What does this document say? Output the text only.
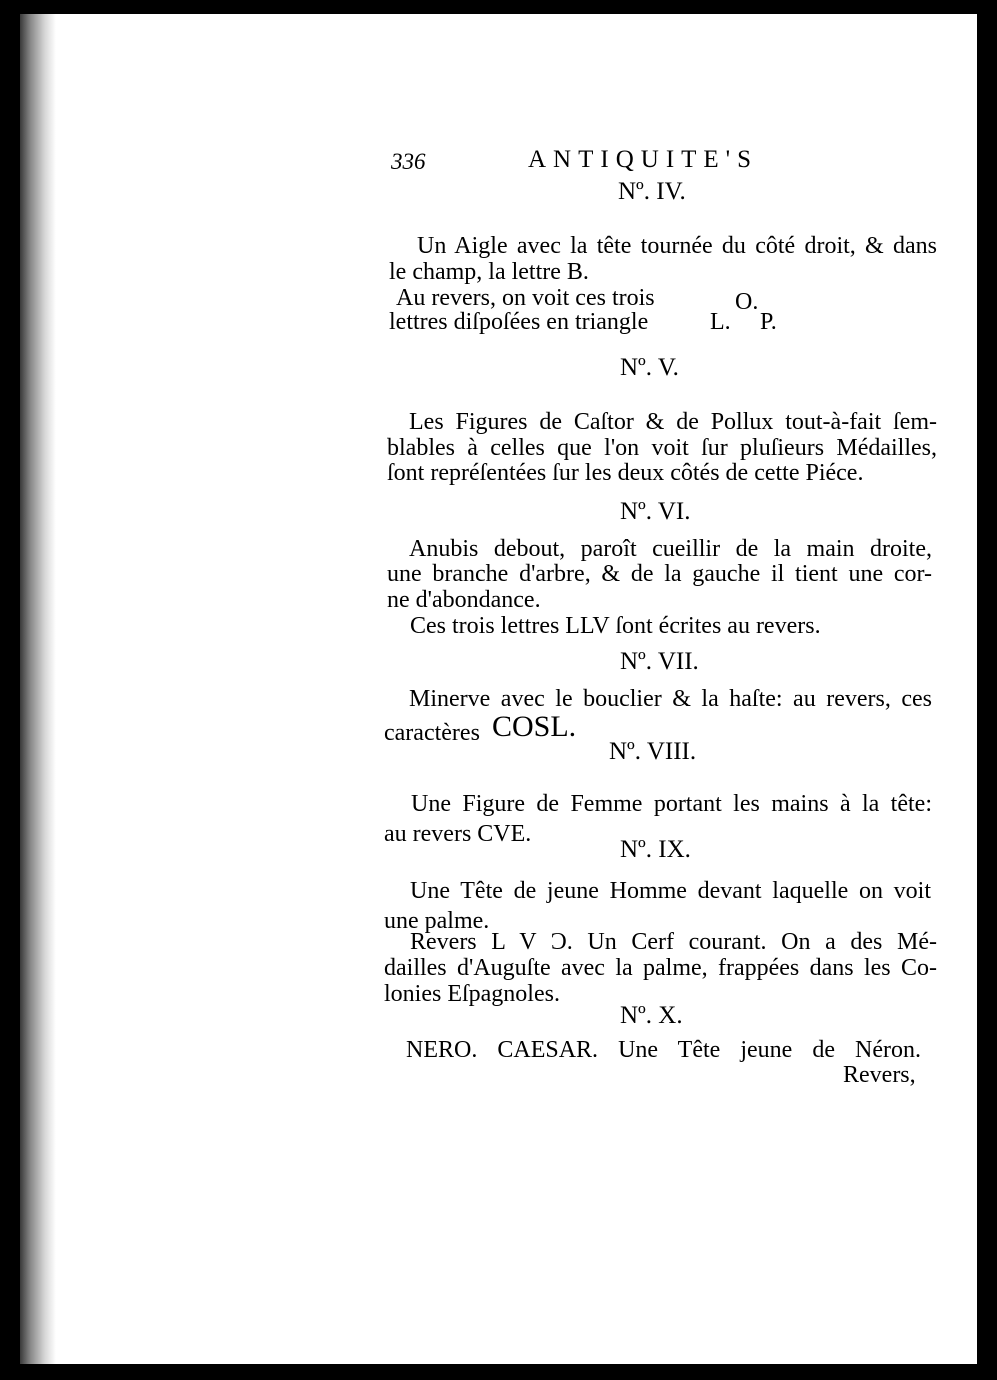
336	ANTIQUITE'S
Nº. IV.
Un Aigle avec la tête tournée du côté droit, & dans
le champ, la lettre B.
Au revers, on voit ces trois
lettres diſpoſées en triangle
O.
L. P.
Nº. V.
Les Figures de Caſtor & de Pollux tout-à-fait ſem-
blables à celles que l'on voit ſur pluſieurs Médailles,
ſont repréſentées ſur les deux côtés de cette Piéce.
Nº. VI.
Anubis debout, paroît cueillir de la main droite,
une branche d'arbre, & de la gauche il tient une cor-
ne d'abondance.
Ces trois lettres LLV ſont écrites au revers.
Nº. VII.
Minerve avec le bouclier & la haſte: au revers, ces
caractères COSL.
Nº. VIII.
Une Figure de Femme portant les mains à la tête:
au revers CVE.
Nº. IX.
Une Tête de jeune Homme devant laquelle on voit
une palme.
Revers L V Ɔ. Un Cerf courant. On a des Mé-
dailles d'Auguſte avec la palme, frappées dans les Co-
lonies Eſpagnoles.
Nº. X.
NERO. CAESAR. Une Tête jeune de Néron.
Revers,
